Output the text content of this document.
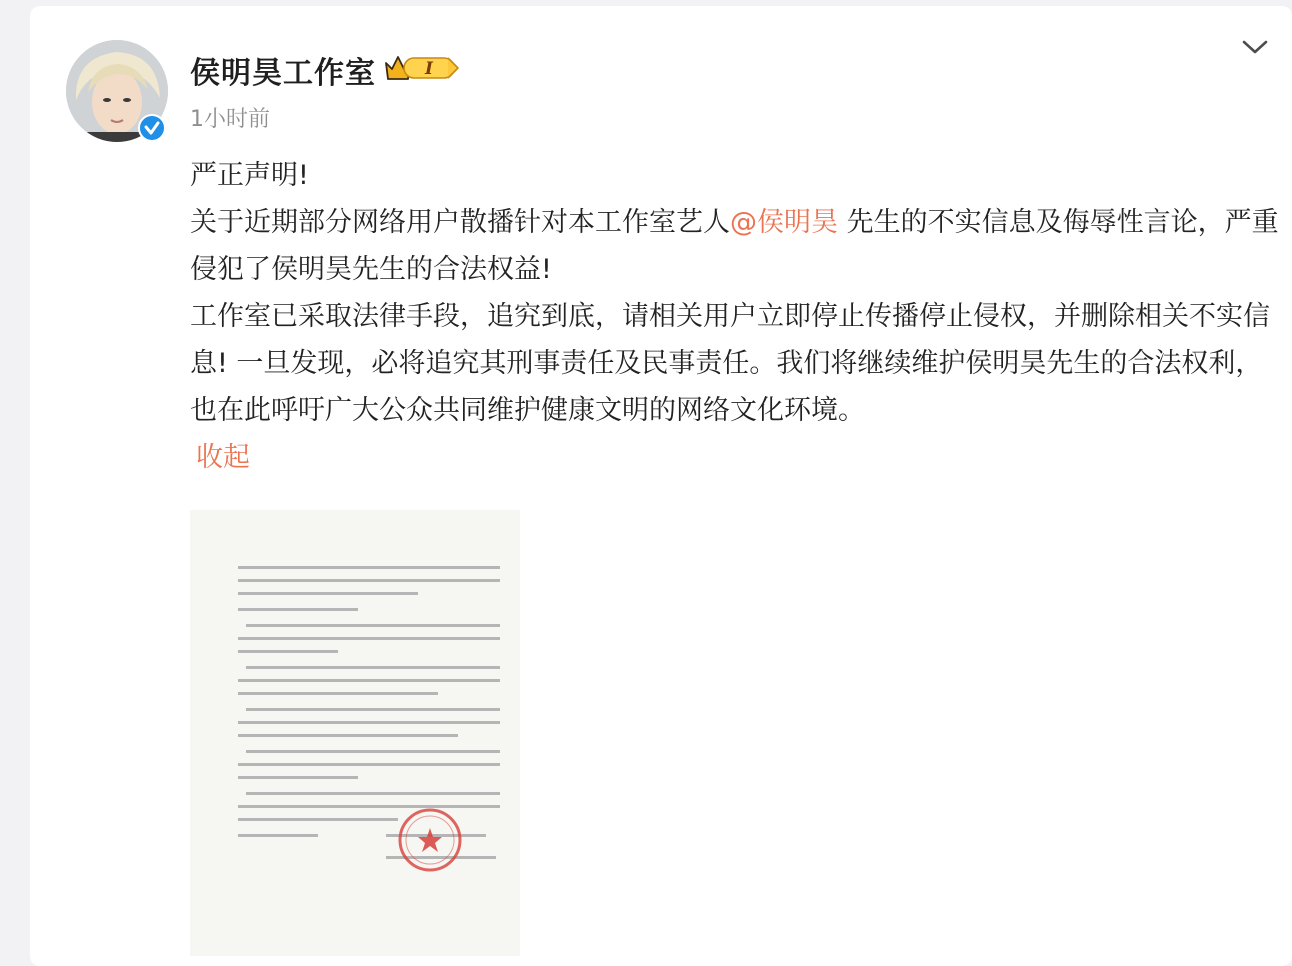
侯明昊工作室	I
1小时前

严正声明!

关于近期部分网络用户散播针对本工作室艺人@侯明昊 先生的不实信息及侮辱性言论，严重侵犯了侯明昊先生的合法权益!

工作室已采取法律手段，追究到底，请相关用户立即停止传播停止侵权，并删除相关不实信息! 一旦发现，必将追究其刑事责任及民事责任。我们将继续维护侯明昊先生的合法权利，也在此呼吁广大公众共同维护健康文明的网络文化环境。

收起
